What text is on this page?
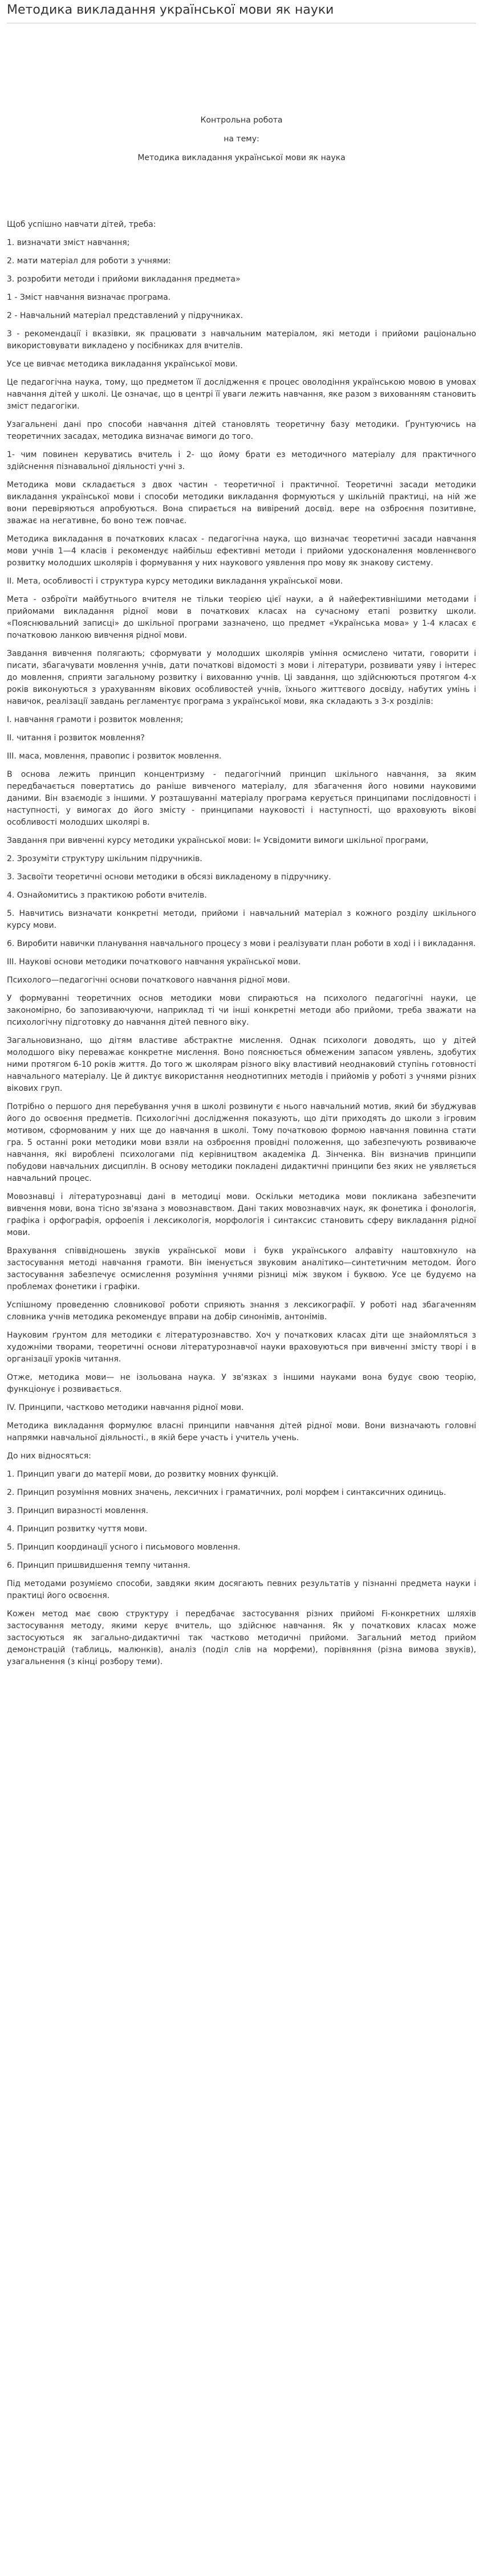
Методика викладання української мови як науки

Контрольна робота

на тему:

Методика викладання української мови як наука

Щоб успішно навчати дітей, треба:

1. визначати зміст навчання;

2. мати матеріал для роботи з учнями:

3. розробити методи і прийоми викладання предмета»

1 - Зміст навчання визначає програма.

2 - Навчальний матеріал представлений у підручниках.

3 - рекомендації і вказівки, як працювати з навчальним матеріалом, які методи і прийоми раціонально використовувати викладено у посібниках для вчителів.

Усе це вивчає методика викладання української мови.

Це педагогічна наука, тому, що предметом її дослідження є процес оволодіння українською мовою в умовах навчання дітей у школі. Це означає, що в центрі її уваги лежить навчання, яке разом з вихованням становить зміст педагогіки.

Узагальнені дані про способи навчання дітей становлять теоретичну базу методики. Ґрунтуючись на теоретичних засадах, методика визначає вимоги до того.

1- чим повинен керуватись вчитель і 2- що йому брати ез методичного матеріалу для практичного здійснення пізнавальної діяльності учні з.

Методика мови складається з двох частин - теоретичної і практичної. Теоретичні засади методики викладання української мови і способи методики викладання формуються у шкільній практиці, на ній же вони перевіряються апробуються. Вона спирається на вивірений досвід. вере на озброєння позитивне, зважає на негативне, бо воно теж повчає.

Методика викладання в початкових класах - педагогічна наука, що визначає теоретичні засади навчання мови учнів 1—4 класів і рекомендує найбільш ефективні методи і прийоми удосконалення мовленнєвого розвитку молодших школярів і формування у них наукового уявлення про мову як знакову систему.

II. Мета, особливості і структура курсу методики викладання української мови.

Мета - озброїти майбутнього вчителя не тільки теорією цієї науки, а й найефективнішими методами і прийомами викладання рідної мови в початкових класах на сучасному етапі розвитку школи. «Пояснювальний записці» до шкільної програми зазначено, що предмет «Українська мова» у 1-4 класах є початковою ланкою вивчення рідної мови.

Завдання вивчення полягають; сформувати у молодших школярів уміння осмислено читати, говорити і писати, збагачувати мовлення учнів, дати початкові відомості з мови і літератури, розвивати уяву і інтерес до мовлення, сприяти загальному розвитку і вихованню учнів. Ці завдання, що здійснюються протягом 4-х років виконуються з урахуванням вікових особливостей учнів, їхнього життєвого досвіду, набутих умінь і навичок, реалізації завдань регламентує програма з української мови, яка складають з 3-х розділів:

I. навчання грамоти і розвиток мовлення;

II. читання і розвиток мовлення?

III. маса, мовлення, правопис і розвиток мовлення.

В основа лежить принцип концентризму - педагогічний принцип шкільного навчання, за яким передбачається повертатись до раніше вивченого матеріалу, для збагачення його новими науковими даними. Він взаємодіє з іншими. У розташуванні матеріалу програма керується принципами послідовності і наступності, у вимогах до його змісту - принципами науковості і наступності, що враховують вікові особливості молодших школярі в.

Завдання при вивченні курсу методики української мови: I« Усвідомити вимоги шкільної програми,

2. Зрозуміти структуру шкільним підручників.

3. Засвоїти теоретичні основи методики в обсязі викладеному в підручнику.

4. Ознайомитись з практикою роботи вчителів.

5. Навчитись визначати конкретні методи, прийоми і навчальний матеріал з кожного розділу шкільного курсу мови.

6. Виробити навички планування навчального процесу з мови і реалізувати план роботи в ході і і викладання.

III. Наукові основи методики початкового навчання української мови.

Психолого—педагогічні основи початкового навчання рідної мови.

У формуванні теоретичних основ методики мови спираються на психолого педагогічні науки, це закономірно, бо запозиваючуючи, наприклад ті чи інші конкретні методи або прийоми, треба зважати на психологічну підготовку до навчання дітей певного віку.

Загальновизнано, що дітям властиве абстрактне мислення. Однак психологи доводять, що у дітей молодшого віку переважає конкретне мислення. Воно пояснюється обмеженим запасом уявлень, здобутих ними протягом 6-10 років життя. До того ж школярам різного віку властивий неоднаковий ступінь готовності навчального матеріалу. Це й диктує використання неоднотипних методів і прийомів у роботі з учнями різних вікових груп.

Потрібно о першого дня перебування учня в школі розвинути є нього навчальний мотив, який би збуджував його до освоєння предметів. Психологічні дослідження показують, що діти приходять до школи з ігровим мотивом, сформованим у них ще до навчання в школі. Тому початковою формою навчання повинна стати гра. 5 останні роки методики мови взяли на озброєння провідні положення, що забезпечують розвиваюче навчання, які вироблені психологами під керівництвом академіка Д. Зінченка. Він визначив принципи побудови навчальних дисциплін. В основу методики покладені дидактичні принципи без яких не уявляється навчальний процес.

Мовознавці і літературознавці дані в методиці мови. Оскільки методика мови покликана забезпечити вивчення мови, вона тісно зв'язана з мовознавством. Дані таких мовознавчих наук, як фонетика і фонологія, графіка і орфографія, орфоепія і лексикологія, морфологія і синтаксис становить сферу викладання рідної мови.

Врахування співвідношень звуків української мови і букв українського алфавіту наштовхнуло на застосування методі навчання грамоти. Він іменується звуковим аналітико—синтетичним методом. Його застосування забезпечує осмислення розуміння учнями різниці між звуком і буквою. Усе це будуємо на проблемах фонетики і графіки.

Успішному проведенню словникової роботи сприяють знання з лексикографії. У роботі над збагаченням словника учнів методика рекомендує вправи на добір синонімів, антонімів.

Науковим ґрунтом для методики є літературознавство. Хоч у початкових класах діти ще знайомляться з художніми творами, теоретичні основи літературознавчої науки враховуються при вивченні змісту творі і в організації уроків читання.

Отже, методика мови— не ізольована наука. У зв'язках з іншими науками вона будує свою теорію, функціонує і розвивається.

IV. Принципи, частково методики навчання рідної мови.

Методика викладання формулює власні принципи навчання дітей рідної мови. Вони визначають головні напрямки навчальної діяльності., в якій бере участь і учитель учень.

До них відносяться:

1. Принцип уваги до матерії мови, до розвитку мовних функцій.

2. Принцип розуміння мовних значень, лексичних і граматичних, ролі морфем і синтаксичних одиниць.

3. Принцип виразності мовлення.

4. Принцип розвитку чуття мови.

5. Принцип координації усного і письмового мовлення.

6. Принцип пришвидшення темпу читання.

Під методами розуміємо способи, завдяки яким досягають певних результатів у пізнанні предмета науки і практиці його освоєння.

Кожен метод має свою структуру і передбачає застосування різних прийомі Fi-конкретних шляхів застосування методу, якими керує вчитель, що здійснює навчання. Як у початкових класах може застосуються як загально-дидактичні так частково методичні прийоми. Загальний метод прийом демонстрацій (таблиць, малюнків), аналіз (поділ слів на морфеми), порівняння (різна вимова звуків), узагальнення (з кінці розбору теми).
